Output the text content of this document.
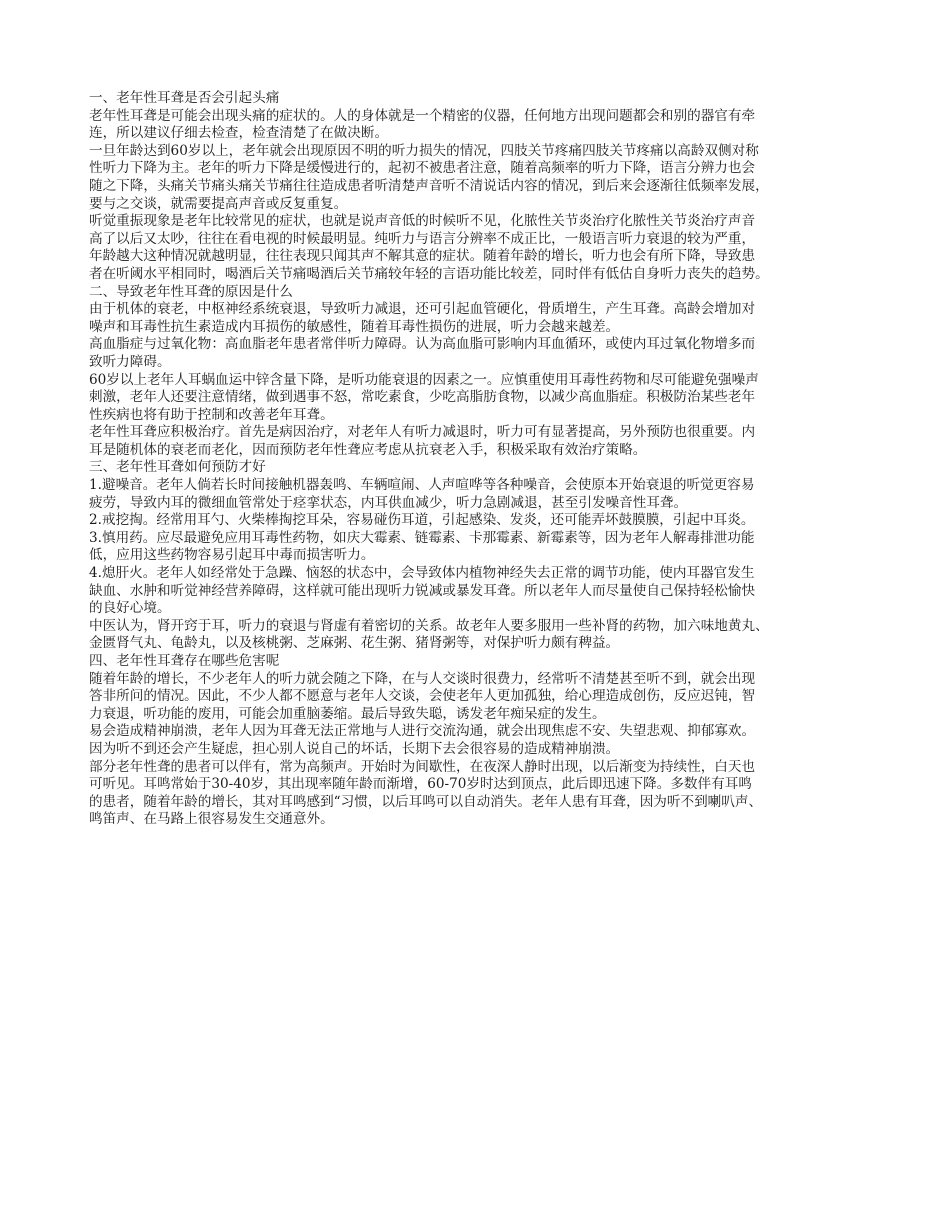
一、老年性耳聋是否会引起头痛
老年性耳聋是可能会出现头痛的症状的。人的身体就是一个精密的仪器，任何地方出现问题都会和别的器官有牵
连，所以建议仔细去检查，检查清楚了在做决断。
一旦年龄达到60岁以上，老年就会出现原因不明的听力损失的情况，四肢关节疼痛四肢关节疼痛以高龄双侧对称
性听力下降为主。老年的听力下降是缓慢进行的，起初不被患者注意，随着高频率的听力下降，语言分辨力也会
随之下降，头痛关节痛头痛关节痛往往造成患者听清楚声音听不清说话内容的情况，到后来会逐渐往低频率发展，
要与之交谈，就需要提高声音或反复重复。
听觉重振现象是老年比较常见的症状，也就是说声音低的时候听不见，化脓性关节炎治疗化脓性关节炎治疗声音
高了以后又太吵，往往在看电视的时候最明显。纯听力与语言分辨率不成正比，一般语言听力衰退的较为严重，
年龄越大这种情况就越明显，往往表现只闻其声不解其意的症状。随着年龄的增长，听力也会有所下降，导致患
者在听阈水平相同时，喝酒后关节痛喝酒后关节痛较年轻的言语功能比较差，同时伴有低估自身听力丧失的趋势。
二、导致老年性耳聋的原因是什么
由于机体的衰老，中枢神经系统衰退，导致听力减退，还可引起血管硬化，骨质增生，产生耳聋。高龄会增加对
噪声和耳毒性抗生素造成内耳损伤的敏感性，随着耳毒性损伤的进展，听力会越来越差。
高血脂症与过氧化物：高血脂老年患者常伴听力障碍。认为高血脂可影响内耳血循环，或使内耳过氧化物增多而
致听力障碍。
60岁以上老年人耳蜗血运中锌含量下降，是听功能衰退的因素之一。应慎重使用耳毒性药物和尽可能避免强噪声
刺激，老年人还要注意情绪，做到遇事不怒，常吃素食，少吃高脂肪食物，以减少高血脂症。积极防治某些老年
性疾病也将有助于控制和改善老年耳聋。
老年性耳聋应积极治疗。首先是病因治疗，对老年人有听力减退时，听力可有显著提高，另外预防也很重要。内
耳是随机体的衰老而老化，因而预防老年性聋应考虑从抗衰老入手，积极采取有效治疗策略。
三、老年性耳聋如何预防才好
1.避噪音。老年人倘若长时间接触机器轰鸣、车辆喧闹、人声喧哗等各种噪音，会使原本开始衰退的听觉更容易
疲劳，导致内耳的微细血管常处于痉挛状态，内耳供血减少，听力急剧减退，甚至引发噪音性耳聋。
2.戒挖掏。经常用耳勺、火柴棒掏挖耳朵，容易碰伤耳道，引起感染、发炎，还可能弄坏鼓膜膜，引起中耳炎。
3.慎用药。应尽最避免应用耳毒性药物，如庆大霉素、链霉素、卡那霉素、新霉素等，因为老年人解毒排泄功能
低，应用这些药物容易引起耳中毒而损害听力。
4.熄肝火。老年人如经常处于急躁、恼怒的状态中，会导致体内植物神经失去正常的调节功能，使内耳器官发生
缺血、水肿和听觉神经营养障碍，这样就可能出现听力锐减或暴发耳聋。所以老年人而尽量使自己保持轻松愉快
的良好心境。
中医认为，肾开窍于耳，听力的衰退与肾虚有着密切的关系。故老年人要多服用一些补肾的药物，加六味地黄丸、
金匮肾气丸、龟龄丸，以及核桃粥、芝麻粥、花生粥、猪肾粥等，对保护听力颇有稗益。
四、老年性耳聋存在哪些危害呢
随着年龄的增长，不少老年人的听力就会随之下降，在与人交谈时很费力，经常听不清楚甚至听不到，就会出现
答非所问的情况。因此，不少人都不愿意与老年人交谈，会使老年人更加孤独，给心理造成创伤，反应迟钝，智
力衰退，听功能的废用，可能会加重脑萎缩。最后导致失聪，诱发老年痴呆症的发生。
易会造成精神崩溃，老年人因为耳聋无法正常地与人进行交流沟通，就会出现焦虑不安、失望悲观、抑郁寡欢。
因为听不到还会产生疑虑，担心别人说自己的坏话，长期下去会很容易的造成精神崩溃。
部分老年性聋的患者可以伴有，常为高频声。开始时为间歇性，在夜深人静时出现，以后渐变为持续性，白天也
可听见。耳鸣常始于30-40岁，其出现率随年龄而渐增，60-70岁时达到顶点，此后即迅速下降。多数伴有耳鸣
的患者，随着年龄的增长，其对耳鸣感到“习惯，以后耳鸣可以自动消失。老年人患有耳聋，因为听不到喇叭声、
鸣笛声、在马路上很容易发生交通意外。
